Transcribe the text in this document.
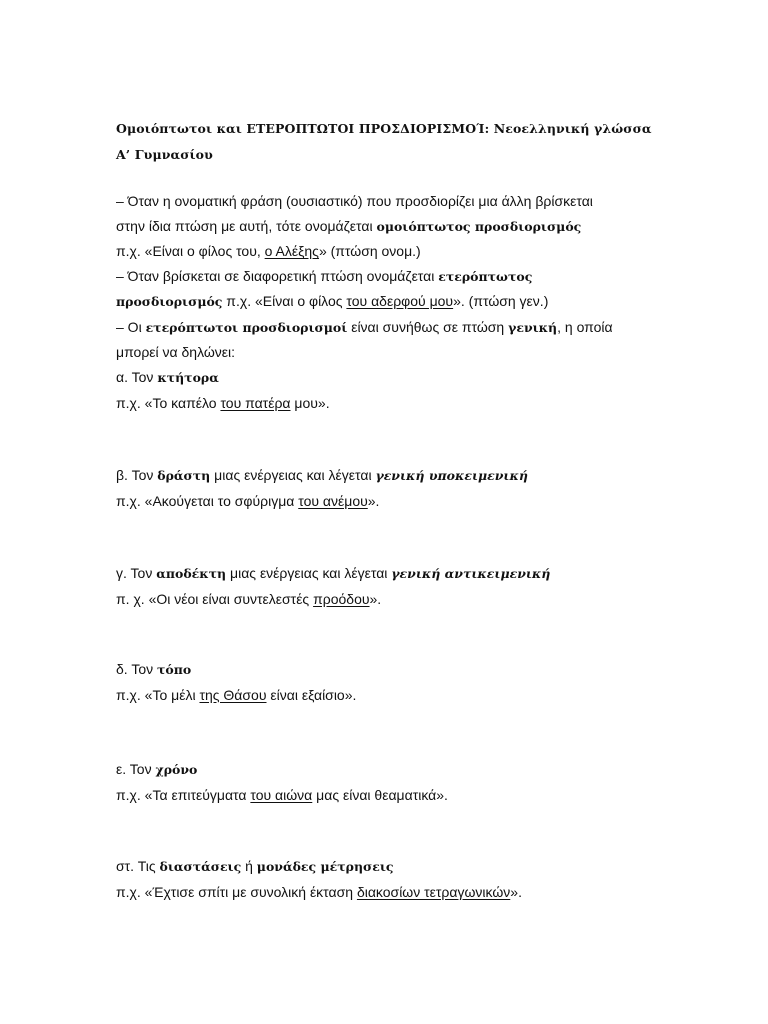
Ομοιόπτωτοι και ΕΤΕΡΟΠΤΩΤΟΙ ΠΡΟΣΔΙΟΡΙΣΜΟΊ: Νεοελληνική γλώσσα
Α’ Γυμνασίου
– Όταν η ονοματική φράση (ουσιαστικό) που προσδιορίζει μια άλλη βρίσκεται
στην ίδια πτώση με αυτή, τότε ονομάζεται ομοιόπτωτος προσδιορισμός
π.χ. «Είναι ο φίλος του, ο Αλέξης» (πτώση ονομ.)
– Όταν βρίσκεται σε διαφορετική πτώση ονομάζεται ετερόπτωτος
προσδιορισμός π.χ. «Είναι ο φίλος του αδερφού μου». (πτώση γεν.)
– Οι ετερόπτωτοι προσδιορισμοί είναι συνήθως σε πτώση γενική, η οποία
μπορεί να δηλώνει:
α. Τον κτήτορα
π.χ. «Το καπέλο του πατέρα μου».
β. Τον δράστη μιας ενέργειας και λέγεται γενική υποκειμενική
π.χ. «Ακούγεται το σφύριγμα του ανέμου».
γ. Τον αποδέκτη μιας ενέργειας και λέγεται γενική αντικειμενική
π. χ. «Οι νέοι είναι συντελεστές προόδου».
δ. Τον τόπο
π.χ. «Το μέλι της Θάσου είναι εξαίσιο».
ε. Τον χρόνο
π.χ. «Τα επιτεύγματα του αιώνα μας είναι θεαματικά».
στ. Τις διαστάσεις ή μονάδες μέτρησεις
π.χ. «Έχτισε σπίτι με συνολική έκταση διακοσίων τετραγωνικών».
